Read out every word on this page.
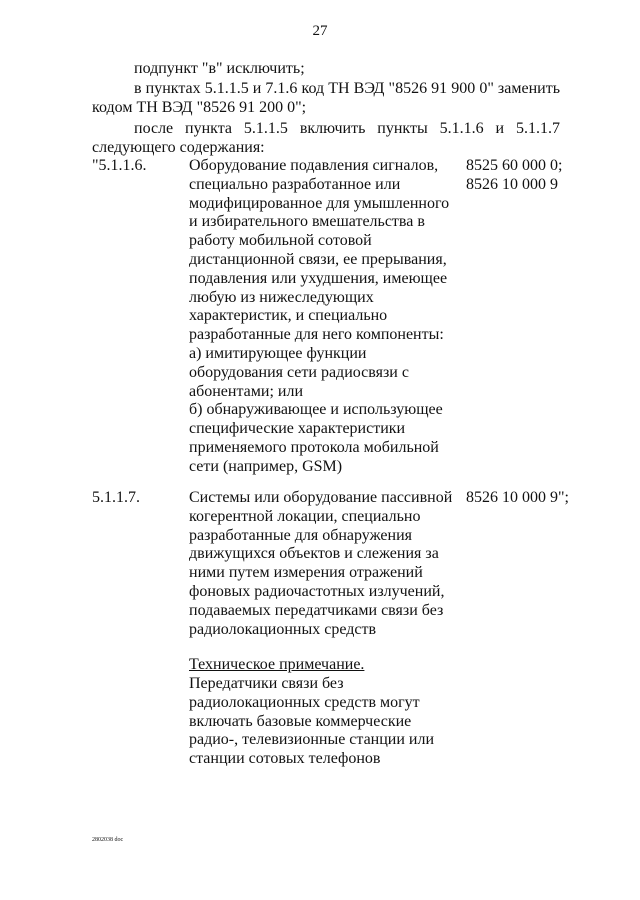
27
подпункт "в" исключить;
в пунктах 5.1.1.5 и 7.1.6 код ТН ВЭД "8526 91 900 0" заменить
кодом ТН ВЭД "8526 91 200 0";
после пункта 5.1.1.5 включить пункты 5.1.1.6 и 5.1.1.7
следующего содержания:
"5.1.1.6.	Оборудование подавления сигналов,
специально разработанное или
модифицированное для умышленного
и избирательного вмешательства в
работу мобильной сотовой
дистанционной связи, ее прерывания,
подавления или ухудшения, имеющее
любую из нижеследующих
характеристик, и специально
разработанные для него компоненты:
а) имитирующее функции
оборудования сети радиосвязи с
абонентами; или
б) обнаруживающее и использующее
специфические характеристики
применяемого протокола мобильной
сети (например, GSM)
8525 60 000 0;
8526 10 000 9
5.1.1.7.	Системы или оборудование пассивной
когерентной локации, специально
разработанные для обнаружения
движущихся объектов и слежения за
ними путем измерения отражений
фоновых радиочастотных излучений,
подаваемых передатчиками связи без
радиолокационных средств
8526 10 000 9";
Техническое примечание.
Передатчики связи без
радиолокационных средств могут
включать базовые коммерческие
радио-, телевизионные станции или
станции сотовых телефонов
2802038 doc
